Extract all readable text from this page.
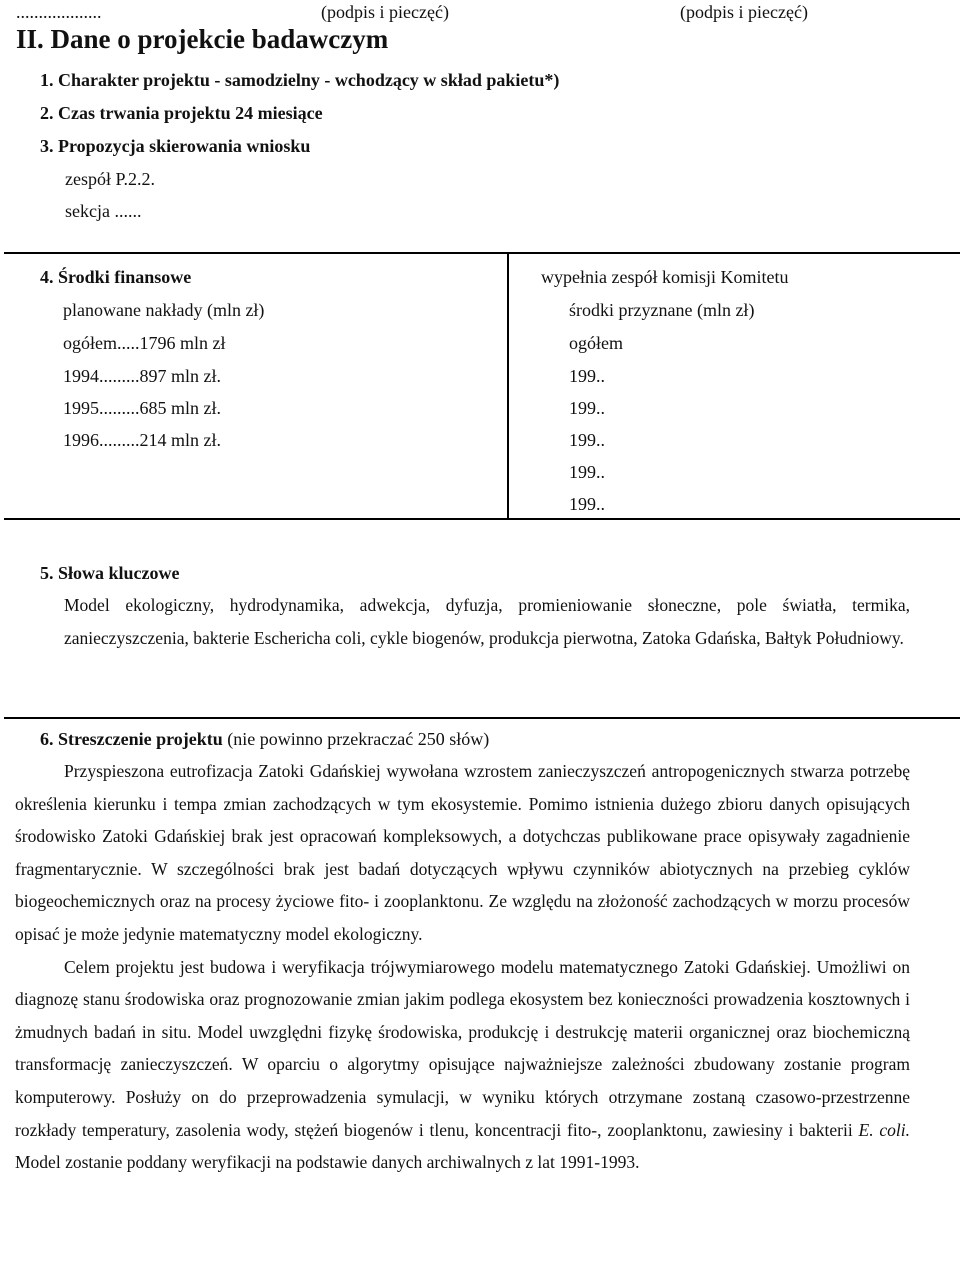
...................	(podpis i pieczęć)	(podpis i pieczęć)
II. Dane o projekcie badawczym
1. Charakter projektu - samodzielny - wchodzący w skład pakietu*)
2. Czas trwania projektu 24 miesiące
3. Propozycja skierowania wniosku
zespół P.2.2.
sekcja ......
4. Środki finansowe
planowane nakłady (mln zł)
ogółem.....1796 mln zł
1994.........897 mln zł.
1995.........685 mln zł.
1996.........214 mln zł.
wypełnia zespół komisji Komitetu
środki przyznane (mln zł)
ogółem
199..
199..
199..
199..
199..
5. Słowa kluczowe
Model ekologiczny, hydrodynamika, adwekcja, dyfuzja, promieniowanie słoneczne, pole światła, termika, zanieczyszczenia, bakterie Eschericha coli, cykle biogenów, produkcja pierwotna, Zatoka Gdańska, Bałtyk Południowy.
6. Streszczenie projektu (nie powinno przekraczać 250 słów)

Przyspieszona eutrofizacja Zatoki Gdańskiej wywołana wzrostem zanieczyszczeń antropogenicznych stwarza potrzebę określenia kierunku i tempa zmian zachodzących w tym ekosystemie. Pomimo istnienia dużego zbioru danych opisujących środowisko Zatoki Gdańskiej brak jest opracowań kompleksowych, a dotychczas publikowane prace opisywały zagadnienie fragmentarycznie. W szczególności brak jest badań dotyczących wpływu czynników abiotycznych na przebieg cyklów biogeochemicznych oraz na procesy życiowe fito- i zooplanktonu. Ze względu na złożoność zachodzących w morzu procesów opisać je może jedynie matematyczny model ekologiczny.

Celem projektu jest budowa i weryfikacja trójwymiarowego modelu matematycznego Zatoki Gdańskiej. Umożliwi on diagnozę stanu środowiska oraz prognozowanie zmian jakim podlega ekosystem bez konieczności prowadzenia kosztownych i żmudnych badań in situ. Model uwzględni fizykę środowiska, produkcję i destrukcję materii organicznej oraz biochemiczną transformację zanieczyszczeń. W oparciu o algorytmy opisujące najważniejsze zależności zbudowany zostanie program komputerowy. Posłuży on do przeprowadzenia symulacji, w wyniku których otrzymane zostaną czasowo-przestrzenne rozkłady temperatury, zasolenia wody, stężeń biogenów i tlenu, koncentracji fito-, zooplanktonu, zawiesiny i bakterii E. coli. Model zostanie poddany weryfikacji na podstawie danych archiwalnych z lat 1991-1993.
